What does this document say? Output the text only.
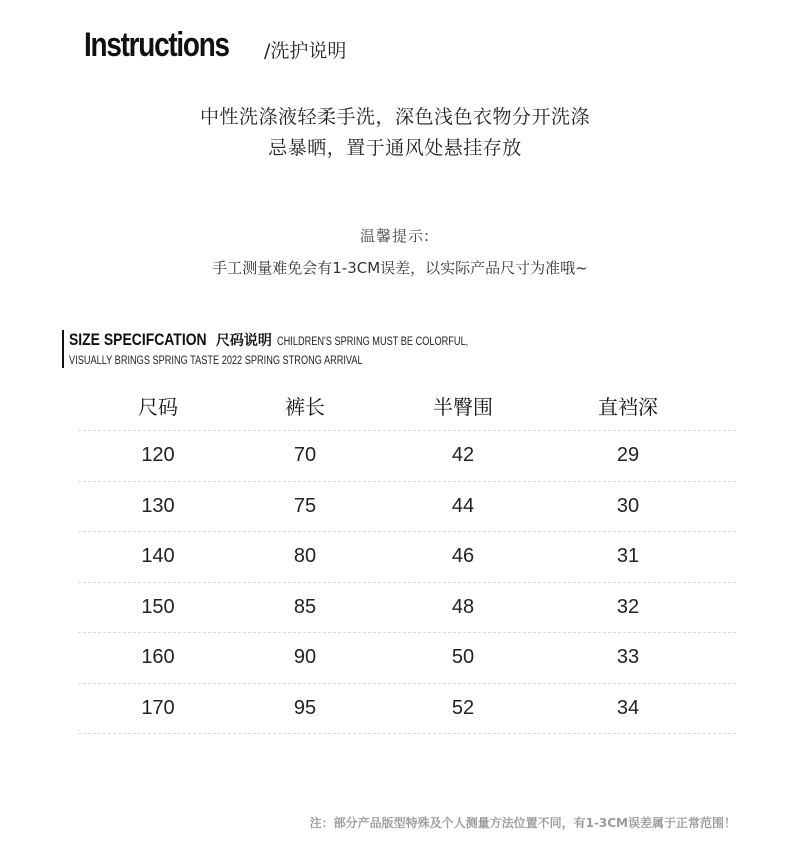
Instructions /洗护说明
中性洗涤液轻柔手洗，深色浅色衣物分开洗涤
忌暴晒，置于通风处悬挂存放
温馨提示:
手工测量难免会有1-3CM误差，以实际产品尺寸为准哦~
SIZE SPECIFCATION 尺码说明 CHILDREN'S SPRING MUST BE COLORFUL,
VISUALLY BRINGS SPRING TASTE 2022 SPRING STRONG ARRIVAL
尺码	裤长	半臀围	直裆深
120	70	42	29
130	75	44	30
140	80	46	31
150	85	48	32
160	90	50	33
170	95	52	34
注：部分产品版型特殊及个人测量方法位置不同，有1-3CM误差属于正常范围！
